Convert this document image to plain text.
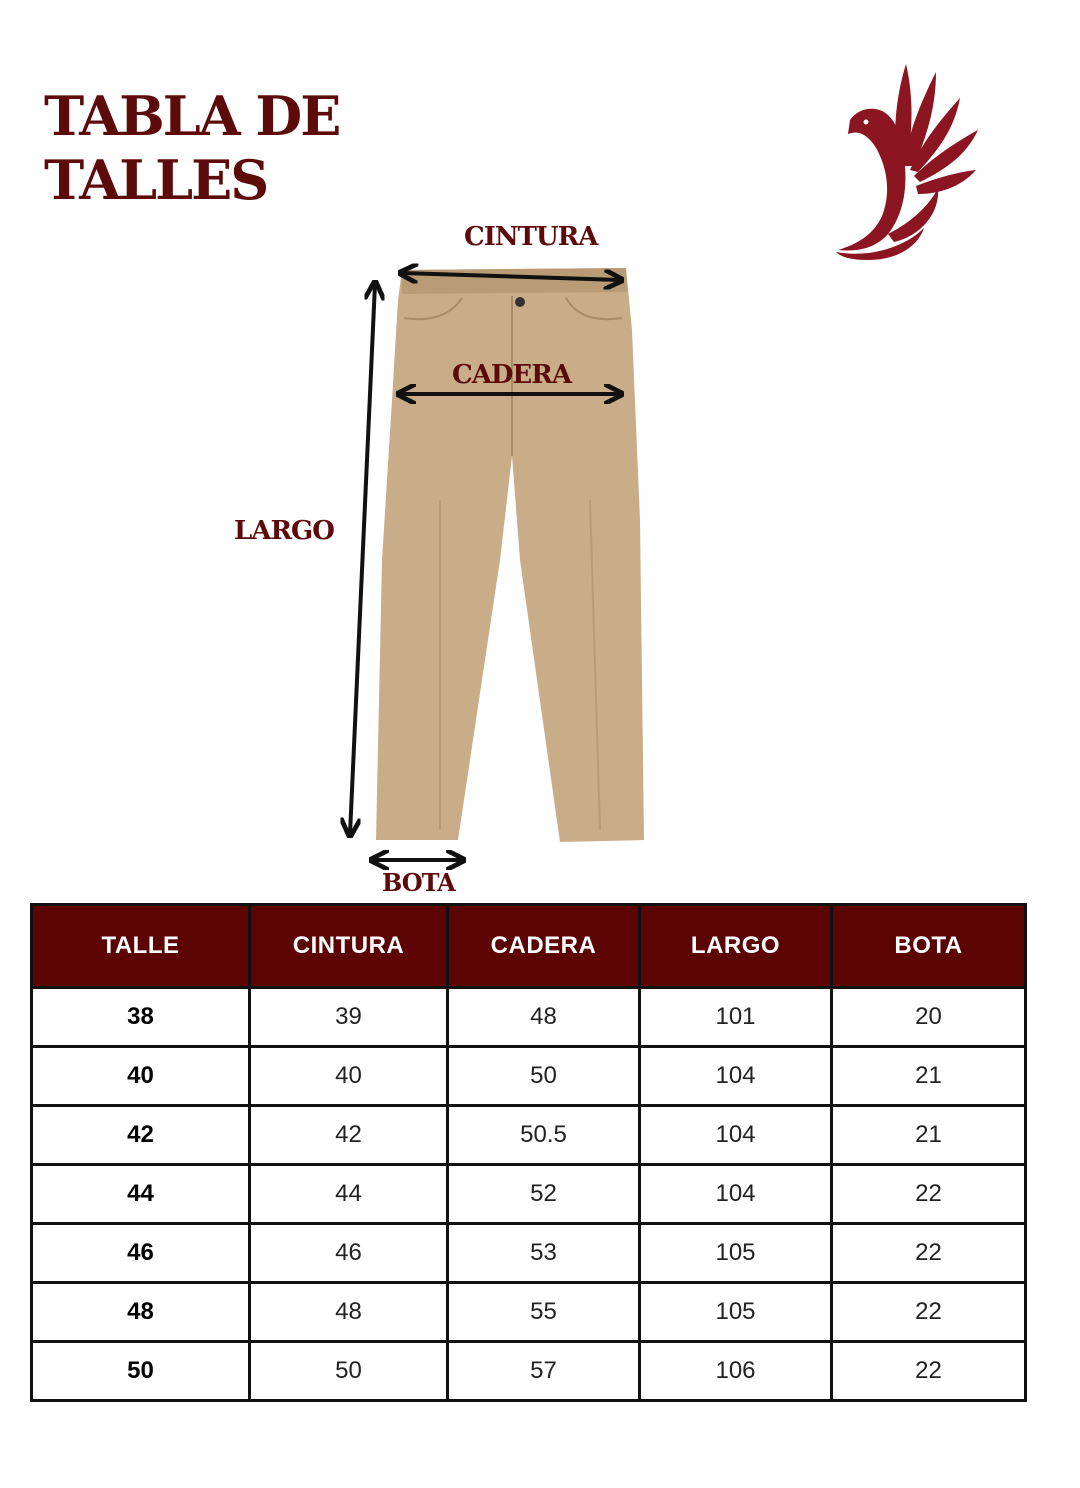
TABLA DE
TALLES
CINTURA
CADERA
LARGO
BOTA
TALLE	CINTURA	CADERA	LARGO	BOTA
38	39	48	101	20
40	40	50	104	21
42	42	50.5	104	21
44	44	52	104	22
46	46	53	105	22
48	48	55	105	22
50	50	57	106	22
